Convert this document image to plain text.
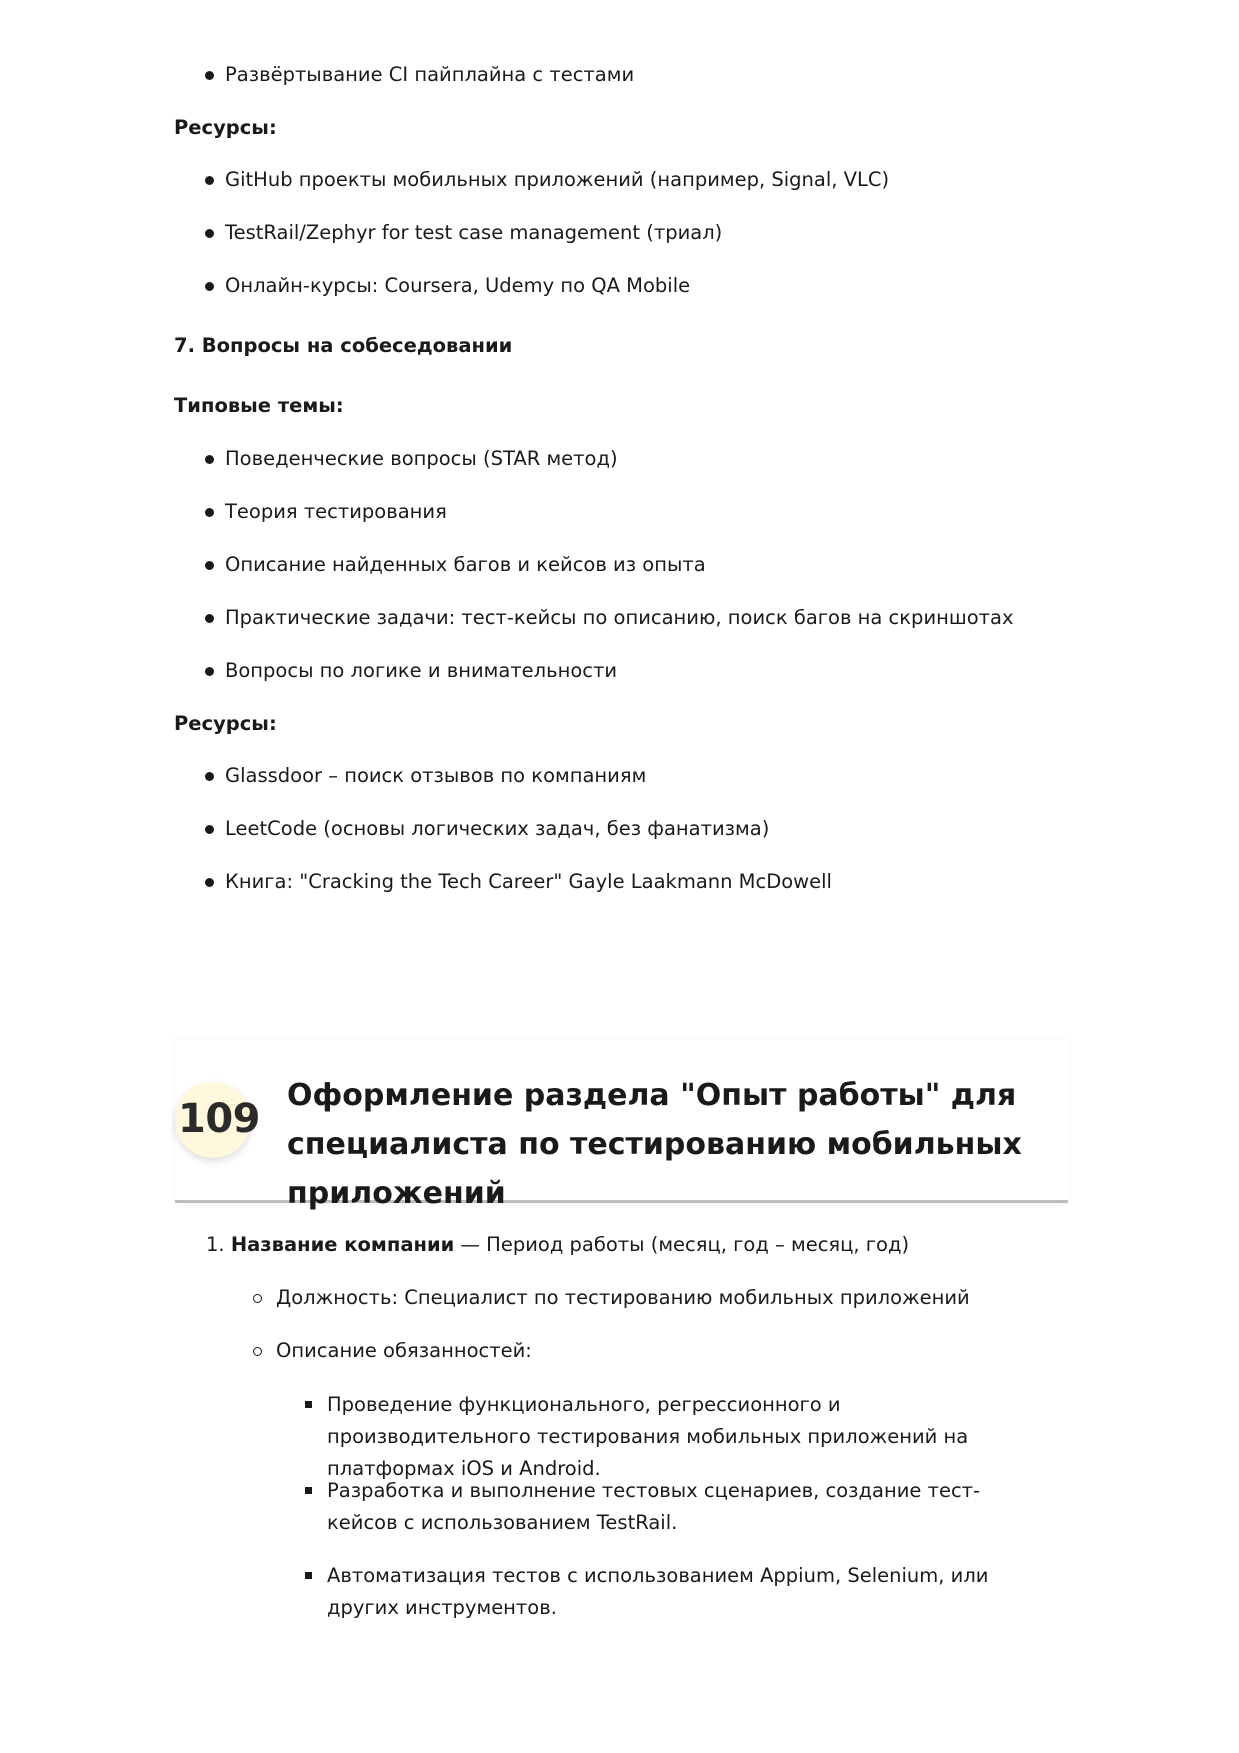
Развёртывание CI пайплайна с тестами

Ресурсы:

GitHub проекты мобильных приложений (например, Signal, VLC)

TestRail/Zephyr for test case management (триал)

Онлайн-курсы: Coursera, Udemy по QA Mobile

7. Вопросы на собеседовании

Типовые темы:

Поведенческие вопросы (STAR метод)

Теория тестирования

Описание найденных багов и кейсов из опыта

Практические задачи: тест-кейсы по описанию, поиск багов на скриншотах

Вопросы по логике и внимательности

Ресурсы:

Glassdoor – поиск отзывов по компаниям

LeetCode (основы логических задач, без фанатизма)

Книга: "Cracking the Tech Career" Gayle Laakmann McDowell

109
Оформление раздела "Опыт работы" для специалиста по тестированию мобильных приложений

1. Название компании — Период работы (месяц, год – месяц, год)

Должность: Специалист по тестированию мобильных приложений

Описание обязанностей:

Проведение функционального, регрессионного и производительного тестирования мобильных приложений на платформах iOS и Android.

Разработка и выполнение тестовых сценариев, создание тест-кейсов с использованием TestRail.

Автоматизация тестов с использованием Appium, Selenium, или других инструментов.
